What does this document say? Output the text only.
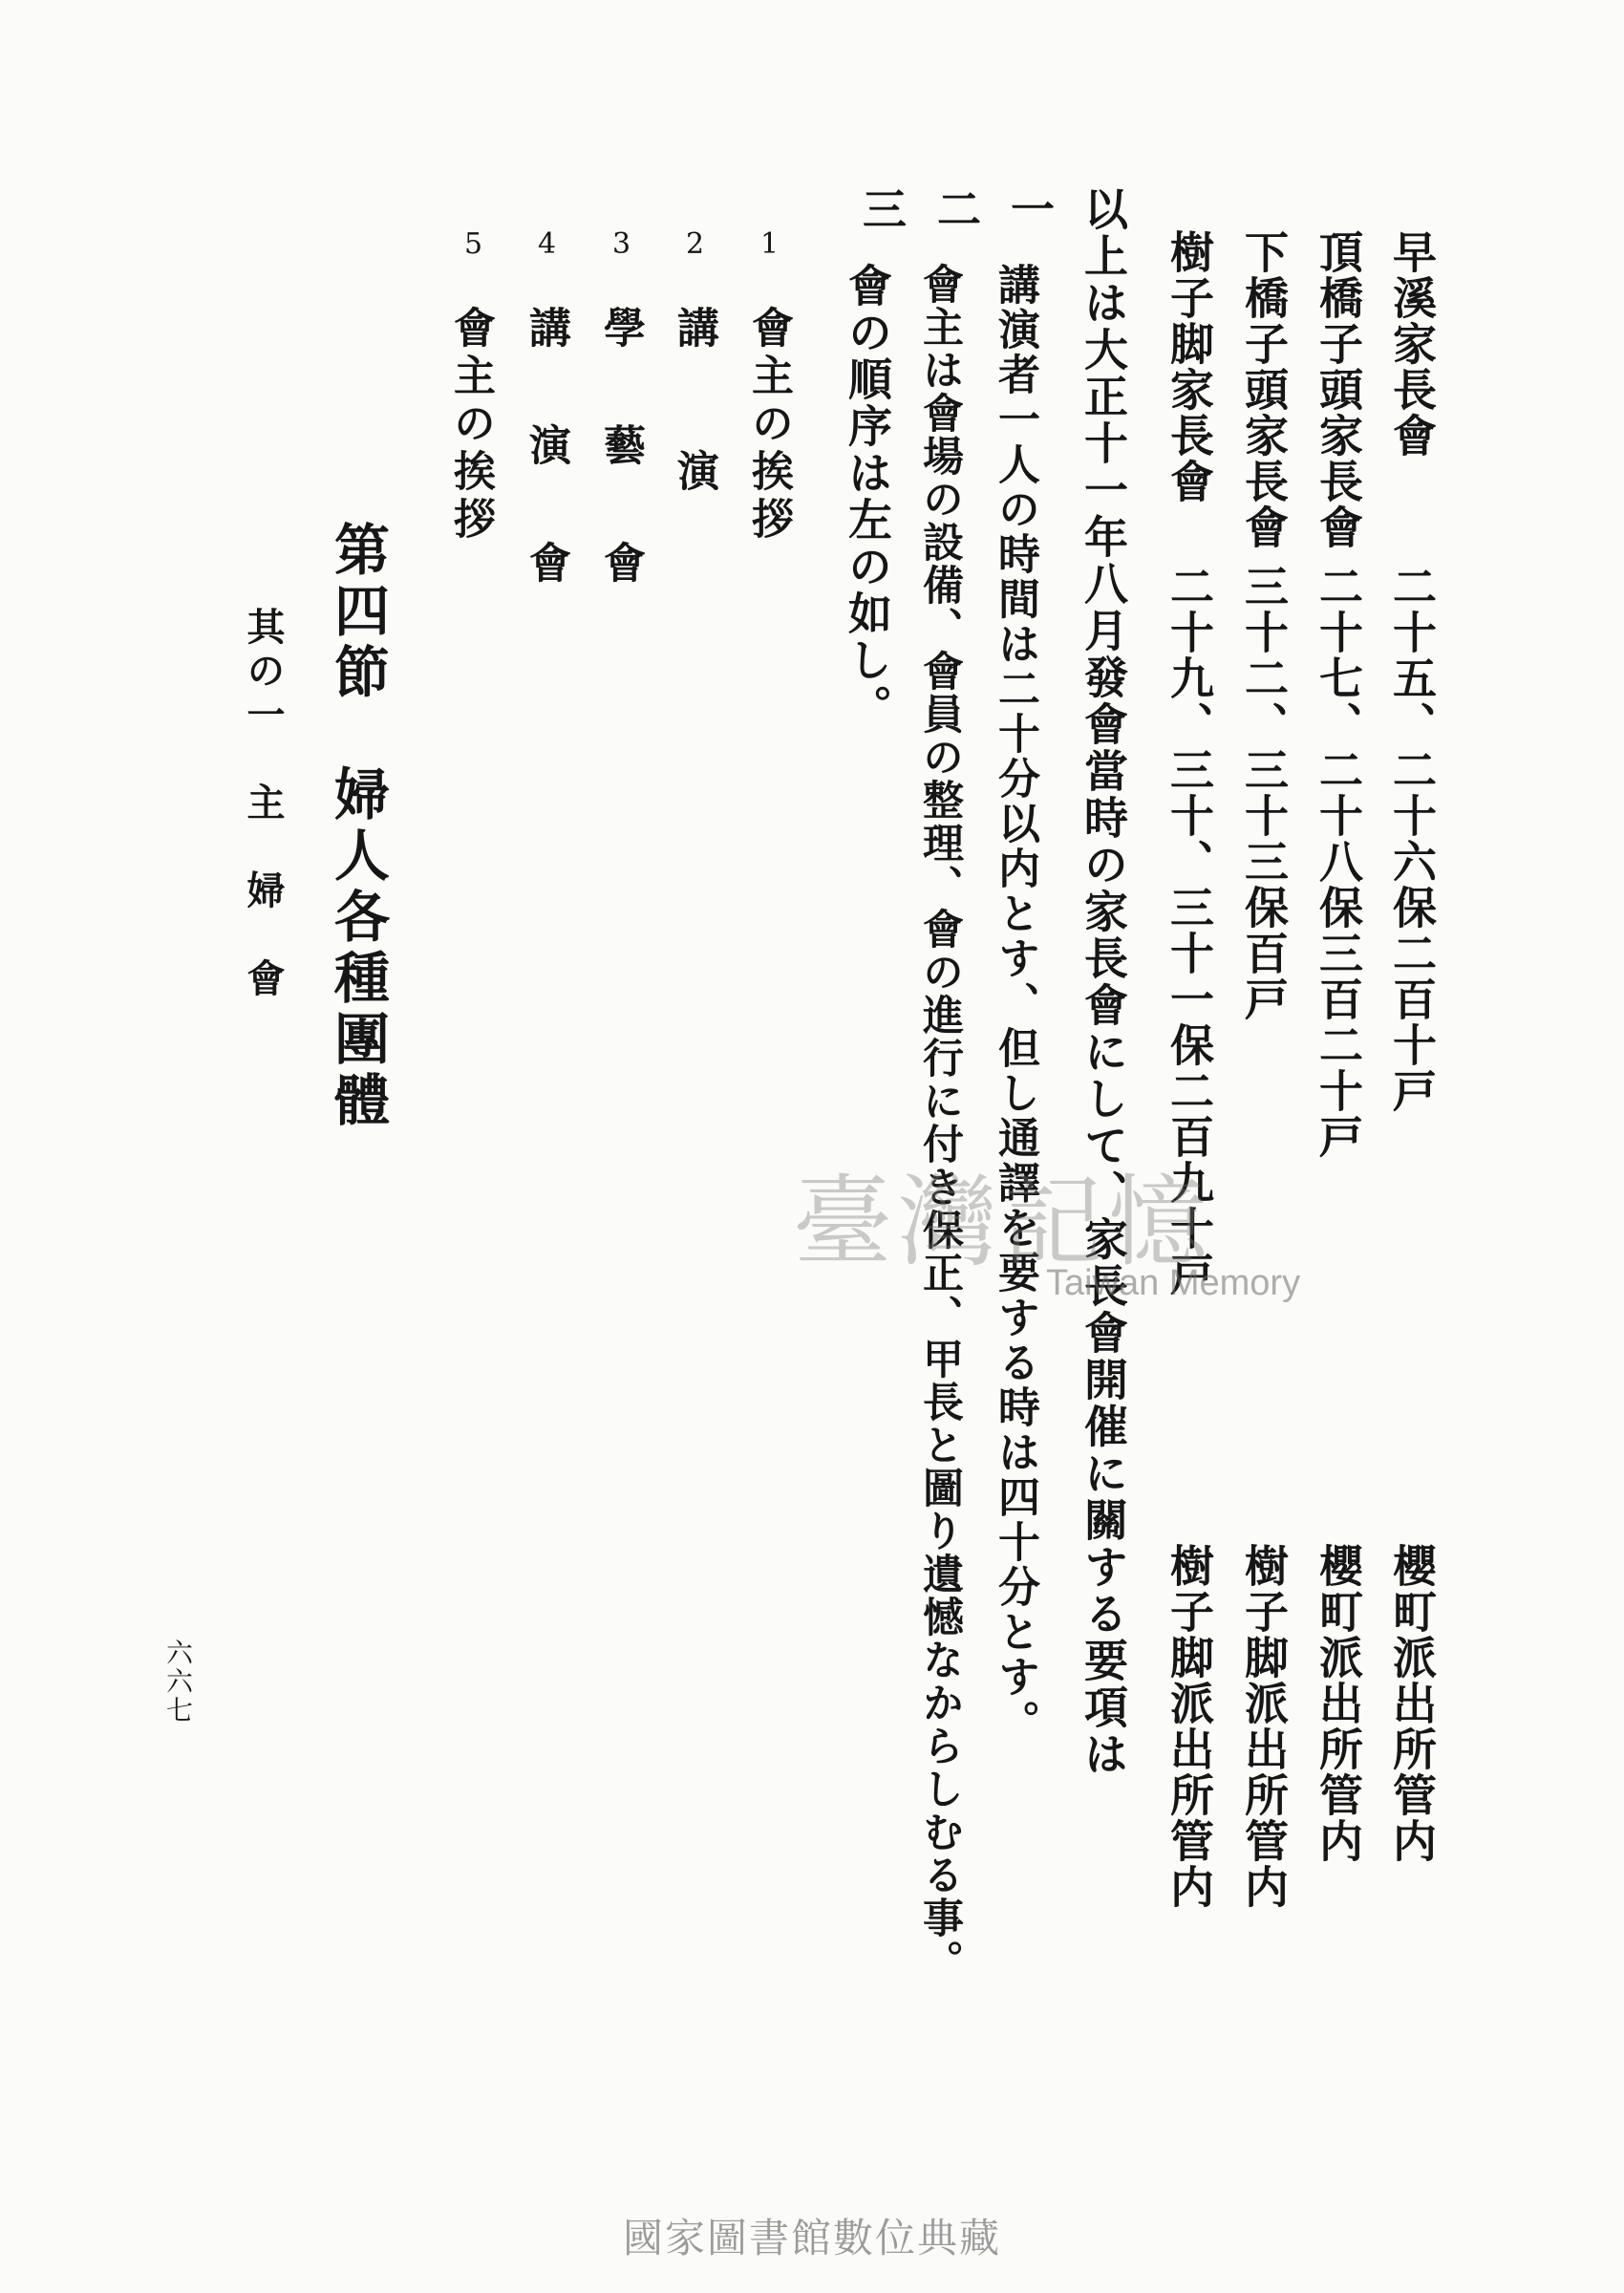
早溪家長會
二十五、二十六保二百十戸
櫻町派出所管内
頂橋子頭家長會
二十七、二十八保三百二十戸
櫻町派出所管内
下橋子頭家長會
三十二、三十三保百戸
樹子脚派出所管内
樹子脚家長會
二十九、三十、三十一保二百九十戸
樹子脚派出所管内
以上は大正十一年八月發會當時の家長會にして、家長會開催に關する要項は
一
講演者一人の時間は二十分以内とす、但し通譯を要する時は四十分とす。
二
會主は會場の設備、會員の整理、會の進行に付き保正、甲長と圖り遺憾なからしむる事。
三
會の順序は左の如し。
1
會主の挨拶
2
講　　演
3
學 藝 會
4
講 演 會
5
會主の挨拶
第四節　婦人各種團體
其の一　主　婦　會
六六七
臺灣記憶
Taiwan Memory
國家圖書館數位典藏
